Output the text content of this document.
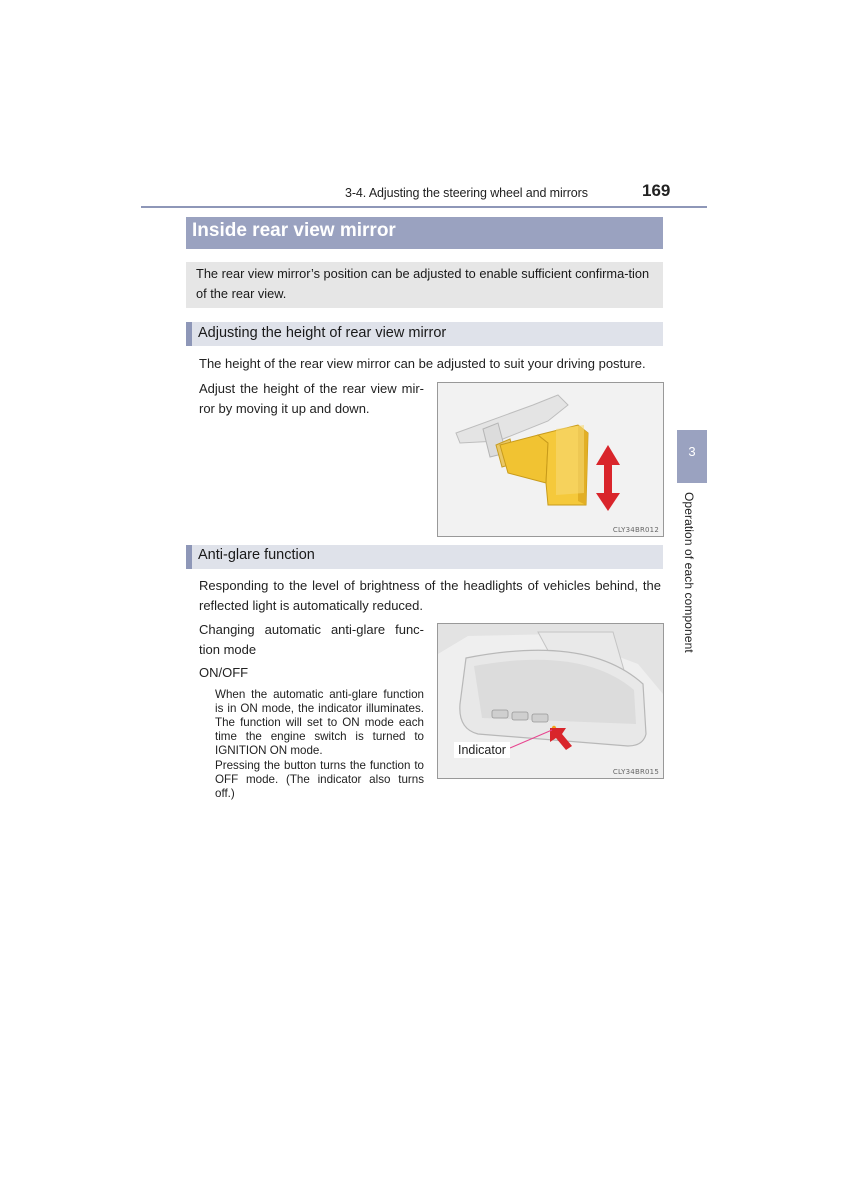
3-4. Adjusting the steering wheel and mirrors	169
3
Operation of each component
Inside rear view mirror
The rear view mirror’s position can be adjusted to enable sufficient confirma-tion of the rear view.
Adjusting the height of rear view mirror
The height of the rear view mirror can be adjusted to suit your driving posture.
Adjust the height of the rear view mir-ror by moving it up and down.
CLY34BR012
Anti-glare function
Responding to the level of brightness of the headlights of vehicles behind, the reflected light is automatically reduced.
Changing automatic anti-glare func-tion mode
ON/OFF
When the automatic anti-glare function is in ON mode, the indicator illuminates. The function will set to ON mode each time the engine switch is turned to IGNITION ON mode.
Pressing the button turns the function to OFF mode. (The indicator also turns off.)
Indicator
CLY34BR015
